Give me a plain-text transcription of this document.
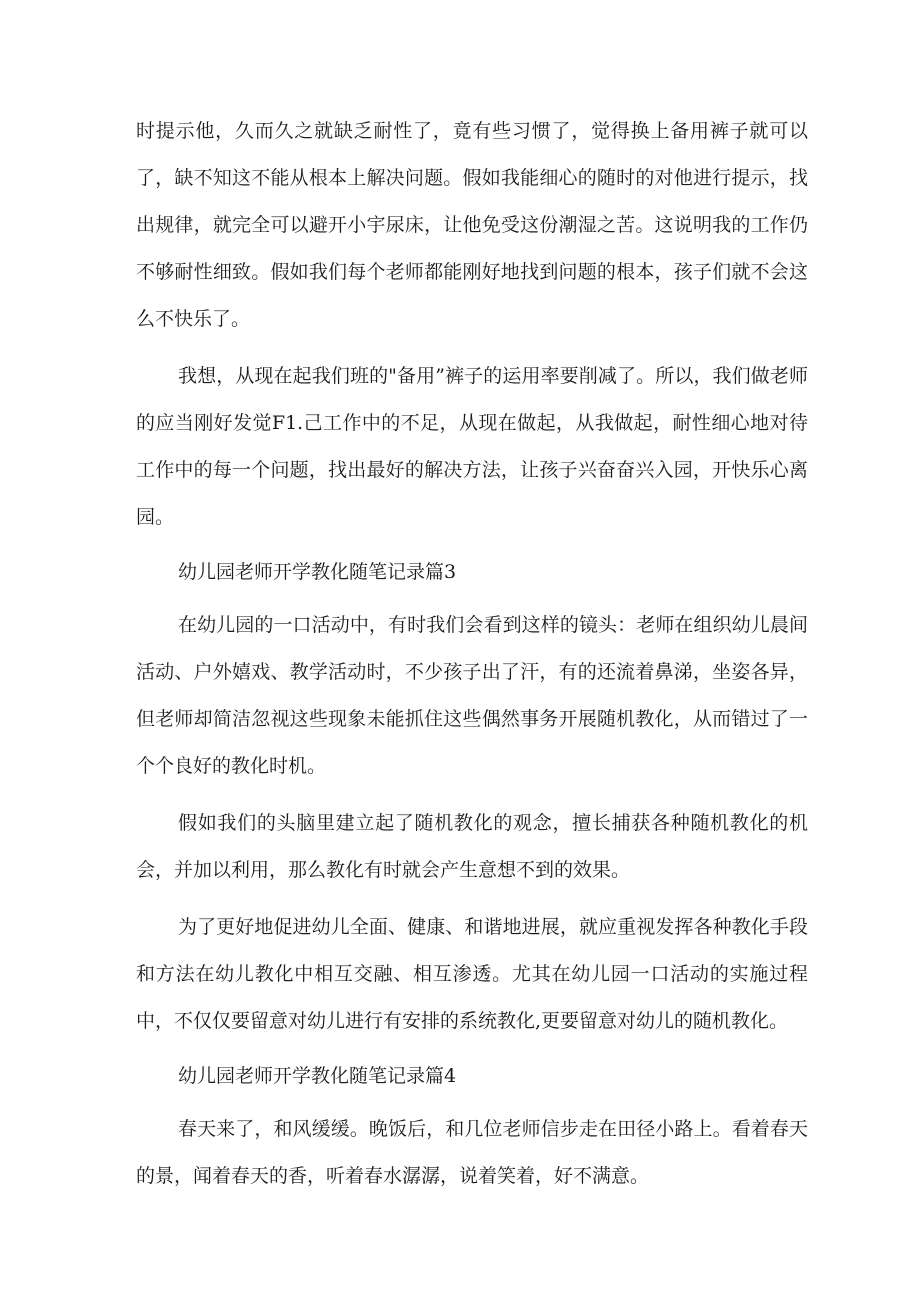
时提示他，久而久之就缺乏耐性了，竟有些习惯了，觉得换上备用裤子就可以了，缺不知这不能从根本上解决问题。假如我能细心的随时的对他进行提示，找出规律，就完全可以避开小宇尿床，让他免受这份潮湿之苦。这说明我的工作仍不够耐性细致。假如我们每个老师都能刚好地找到问题的根本，孩子们就不会这么不快乐了。

我想，从现在起我们班的"备用”裤子的运用率要削减了。所以，我们做老师的应当刚好发觉F1.己工作中的不足，从现在做起，从我做起，耐性细心地对待工作中的每一个问题，找出最好的解决方法，让孩子兴奋奋兴入园，开快乐心离园。

幼儿园老师开学教化随笔记录篇3

在幼儿园的一口活动中，有时我们会看到这样的镜头：老师在组织幼儿晨间活动、户外嬉戏、教学活动时，不少孩子出了汗，有的还流着鼻涕，坐姿各异，但老师却简洁忽视这些现象未能抓住这些偶然事务开展随机教化，从而错过了一个个良好的教化时机。

假如我们的头脑里建立起了随机教化的观念，擅长捕获各种随机教化的机会，并加以利用，那么教化有时就会产生意想不到的效果。

为了更好地促进幼儿全面、健康、和谐地进展，就应重视发挥各种教化手段和方法在幼儿教化中相互交融、相互渗透。尤其在幼儿园一口活动的实施过程中，不仅仅要留意对幼儿进行有安排的系统教化,更要留意对幼儿的随机教化。

幼儿园老师开学教化随笔记录篇4

春天来了，和风缓缓。晚饭后，和几位老师信步走在田径小路上。看着春天的景，闻着春天的香，听着春水潺潺，说着笑着，好不满意。
